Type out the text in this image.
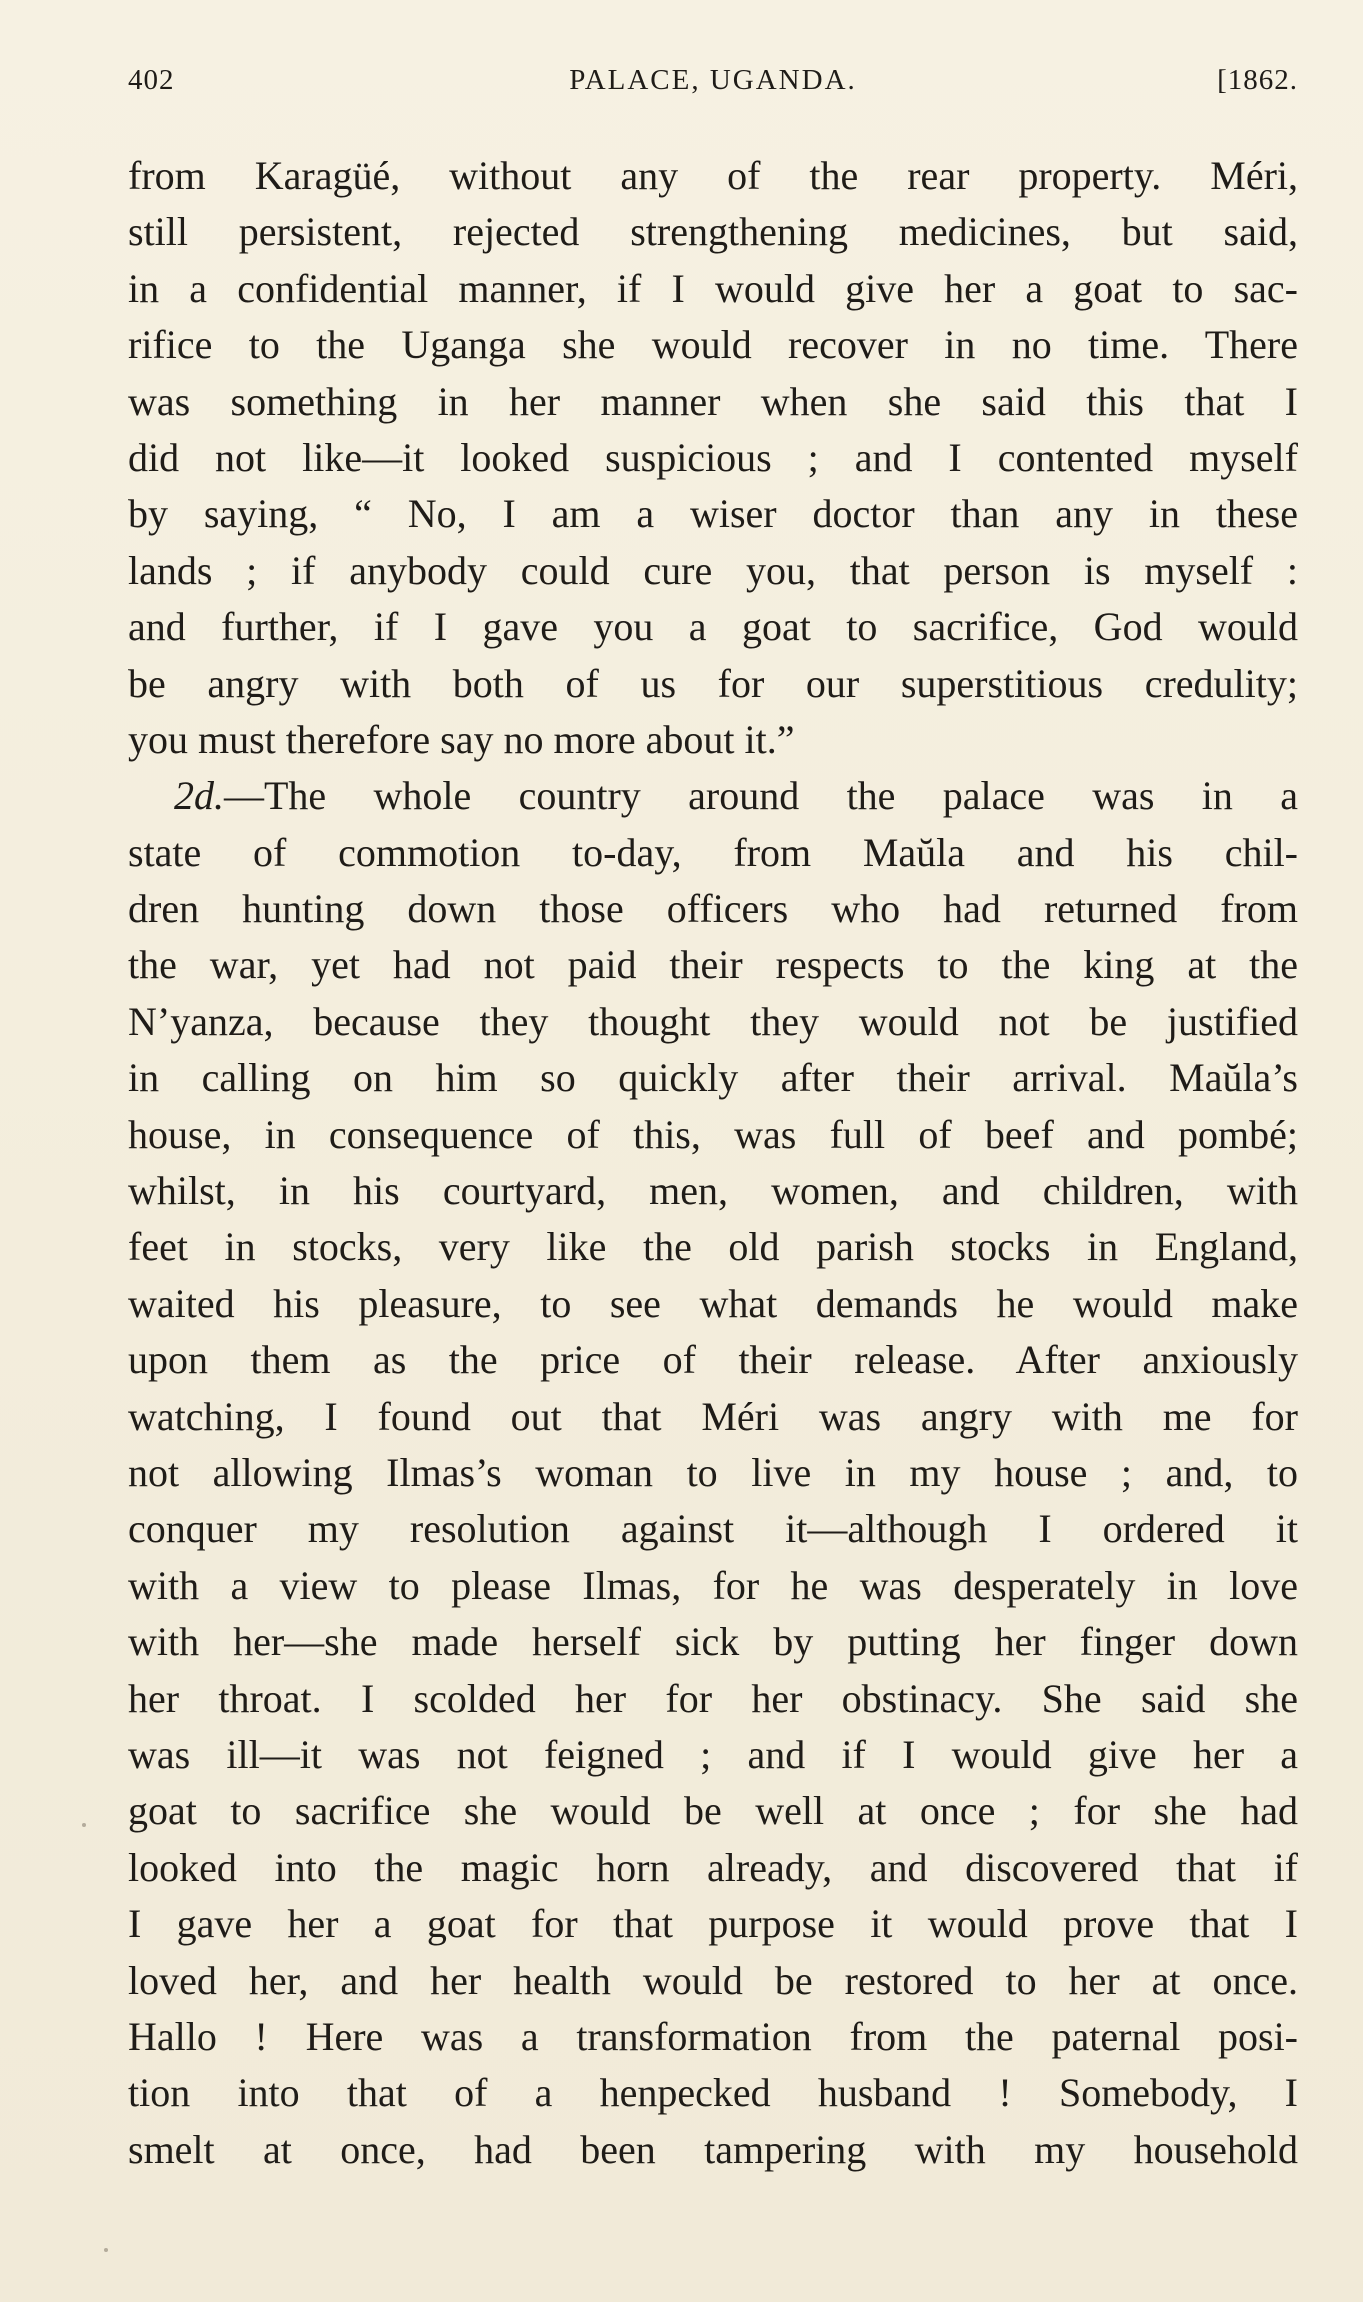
402	PALACE, UGANDA.	[1862.
from Karagüé, without any of the rear property. Méri,
still persistent, rejected strengthening medicines, but said,
in a confidential manner, if I would give her a goat to sac-
rifice to the Uganga she would recover in no time. There
was something in her manner when she said this that I
did not like—it looked suspicious ; and I contented myself
by saying, “ No, I am a wiser doctor than any in these
lands ; if anybody could cure you, that person is myself :
and further, if I gave you a goat to sacrifice, God would
be angry with both of us for our superstitious credulity;
you must therefore say no more about it.”
2d.—The whole country around the palace was in a
state of commotion to-day, from Maŭla and his chil-
dren hunting down those officers who had returned from
the war, yet had not paid their respects to the king at the
N’yanza, because they thought they would not be justified
in calling on him so quickly after their arrival. Maŭla’s
house, in consequence of this, was full of beef and pombé;
whilst, in his courtyard, men, women, and children, with
feet in stocks, very like the old parish stocks in England,
waited his pleasure, to see what demands he would make
upon them as the price of their release. After anxiously
watching, I found out that Méri was angry with me for
not allowing Ilmas’s woman to live in my house ; and, to
conquer my resolution against it—although I ordered it
with a view to please Ilmas, for he was desperately in love
with her—she made herself sick by putting her finger down
her throat. I scolded her for her obstinacy. She said she
was ill—it was not feigned ; and if I would give her a
goat to sacrifice she would be well at once ; for she had
looked into the magic horn already, and discovered that if
I gave her a goat for that purpose it would prove that I
loved her, and her health would be restored to her at once.
Hallo ! Here was a transformation from the paternal posi-
tion into that of a henpecked husband ! Somebody, I
smelt at once, had been tampering with my household
